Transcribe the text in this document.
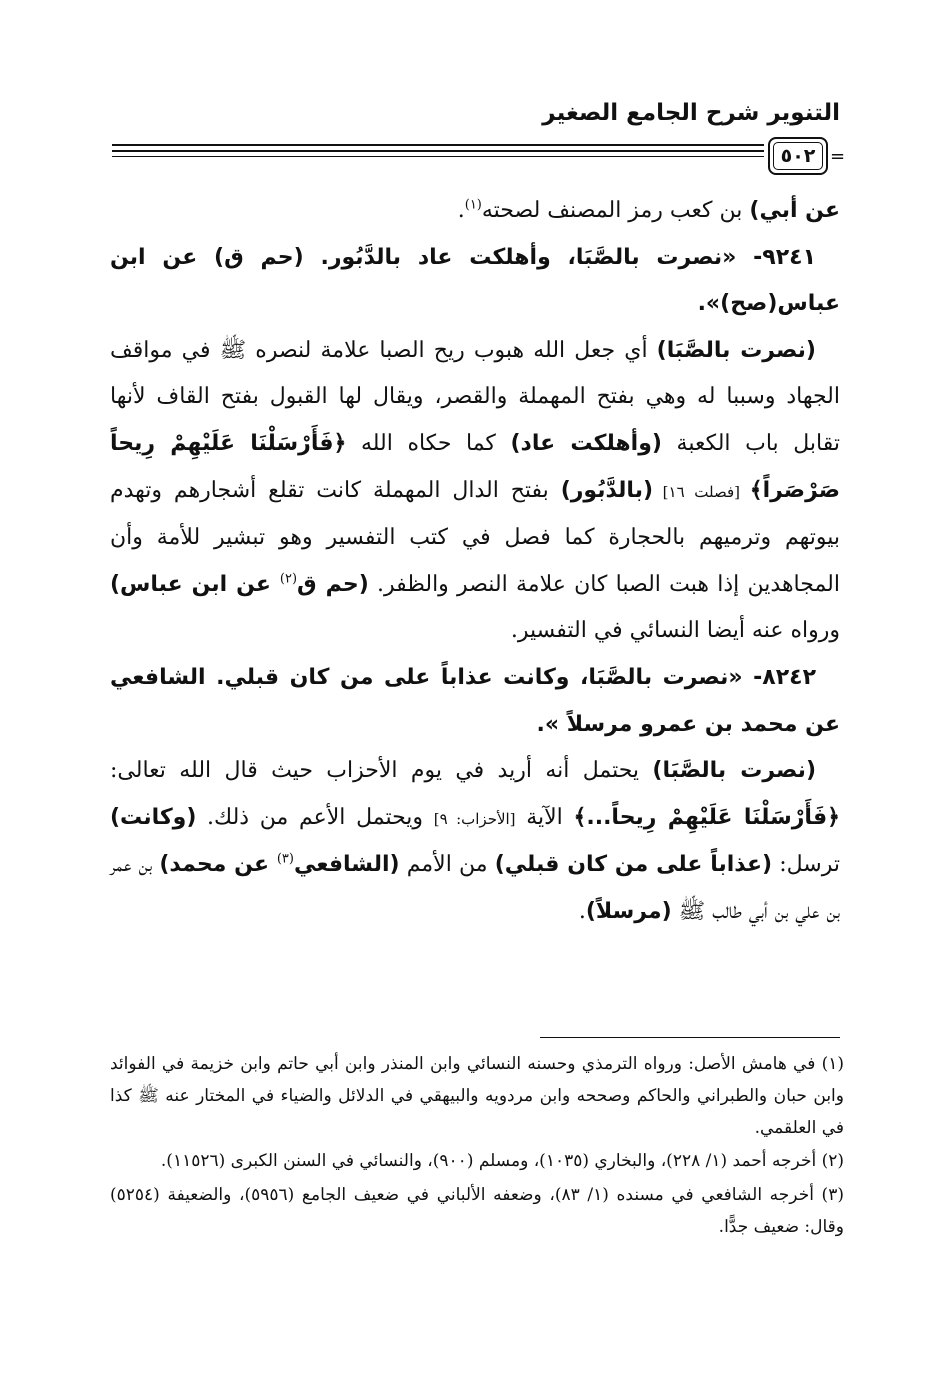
التنوير شرح الجامع الصغير
٥٠٢ =

عن أبي) بن كعب رمز المصنف لصحته$^{(١)}$.

٩٢٤١- «نصرت بالصَّبَا، وأهلكت عاد بالدَّبُور. (حم ق) عن ابن عباس(صح)».

(نصرت بالصَّبَا) أي جعل الله هبوب ريح الصبا علامة لنصره ﷺ في مواقف الجهاد وسببا له وهي بفتح المهملة والقصر، ويقال لها القبول بفتح القاف لأنها تقابل باب الكعبة (وأهلكت عاد) كما حكاه الله ﴿فَأَرْسَلْنَا عَلَيْهِمْ رِيحاً صَرْصَراً﴾ [فصلت ١٦] (بالدَّبُور) بفتح الدال المهملة كانت تقلع أشجارهم وتهدم بيوتهم وترميهم بالحجارة كما فصل في كتب التفسير وهو تبشير للأمة وأن المجاهدين إذا هبت الصبا كان علامة النصر والظفر. (حم ق$^{(٢)}$ عن ابن عباس) ورواه عنه أيضا النسائي في التفسير.

٨٢٤٢- «نصرت بالصَّبَا، وكانت عذاباً على من كان قبلي. الشافعي عن محمد بن عمرو مرسلاً ».

(نصرت بالصَّبَا) يحتمل أنه أريد في يوم الأحزاب حيث قال الله تعالى: ﴿فَأَرْسَلْنَا عَلَيْهِمْ رِيحاً...﴾ الآية [الأحزاب: ٩] ويحتمل الأعم من ذلك. (وكانت) ترسل: (عذاباً على من كان قبلي) من الأمم (الشافعي$^{(٣)}$ عن محمد) بن عمر بن علي بن أبي طالب ﷺ (مرسلاً).

(١) في هامش الأصل: ورواه الترمذي وحسنه النسائي وابن المنذر وابن أبي حاتم وابن خزيمة في الفوائد وابن حبان والطبراني والحاكم وصححه وابن مردويه والبيهقي في الدلائل والضياء في المختار عنه ﷺ كذا في العلقمي.

(٢) أخرجه أحمد (١/ ٢٢٨)، والبخاري (١٠٣٥)، ومسلم (٩٠٠)، والنسائي في السنن الكبرى (١١٥٢٦).

(٣) أخرجه الشافعي في مسنده (١/ ٨٣)، وضعفه الألباني في ضعيف الجامع (٥٩٥٦)، والضعيفة (٥٢٥٤) وقال: ضعيف جدًّا.
